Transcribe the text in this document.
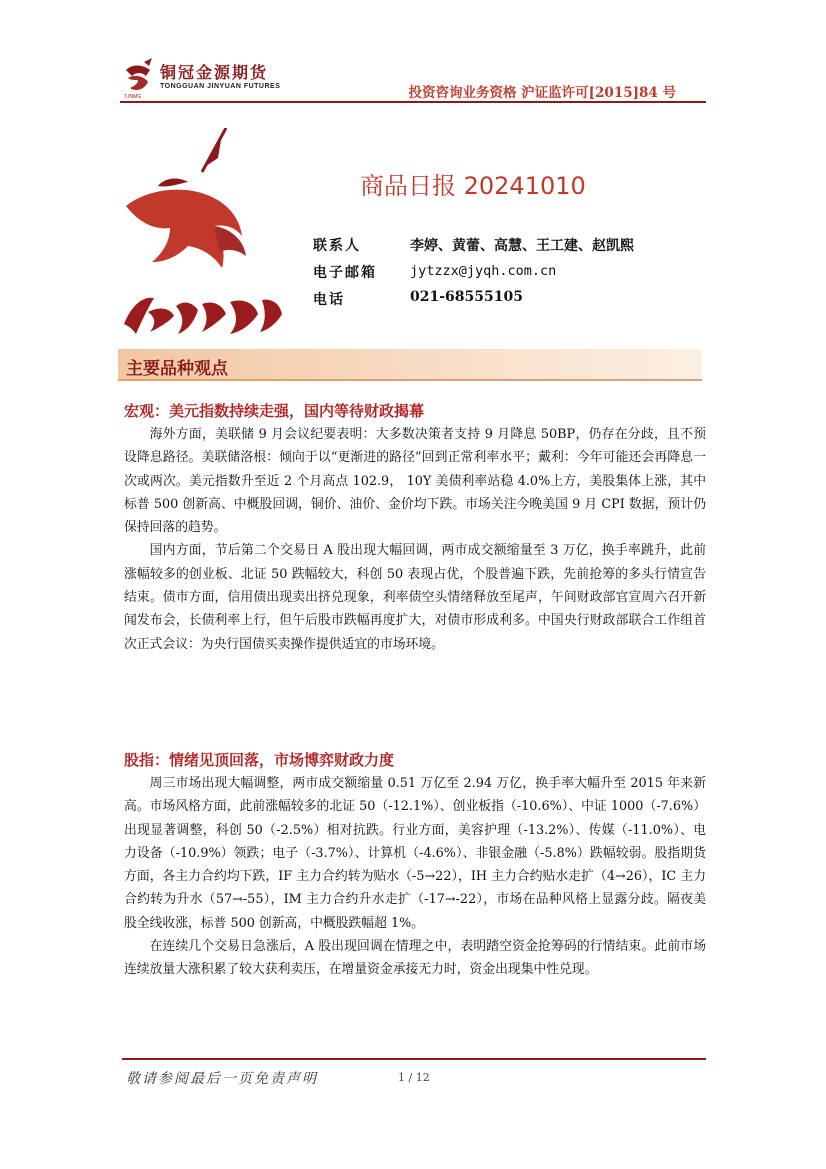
铜冠金源期货
TONGGUAN JINYUAN FUTURES
TJNMG	投资咨询业务资格 沪证监许可[2015]84 号
商品日报 20241010
联系人	李婷、黄蕾、高慧、王工建、赵凯熙
电子邮箱 jytzzx@jyqh.com.cn
电话	021-68555105
主要品种观点
宏观：美元指数持续走强，国内等待财政揭幕

海外方面，美联储 9 月会议纪要表明：大多数决策者支持 9 月降息 50BP，仍存在分歧，且不预设降息路径。美联储洛根：倾向于以“更渐进的路径”回到正常利率水平；戴利：今年可能还会再降息一次或两次。美元指数升至近 2 个月高点 102.9， 10Y 美债利率站稳 4.0%上方，美股集体上涨，其中标普 500 创新高、中概股回调，铜价、油价、金价均下跌。市场关注今晚美国 9 月 CPI 数据，预计仍保持回落的趋势。

国内方面，节后第二个交易日 A 股出现大幅回调，两市成交额缩量至 3 万亿，换手率跳升，此前涨幅较多的创业板、北证 50 跌幅较大，科创 50 表现占优，个股普遍下跌，先前抢筹的多头行情宣告结束。债市方面，信用债出现卖出挤兑现象，利率债空头情绪释放至尾声，午间财政部官宣周六召开新闻发布会，长债利率上行，但午后股市跌幅再度扩大，对债市形成利多。中国央行财政部联合工作组首次正式会议：为央行国债买卖操作提供适宜的市场环境。

股指：情绪见顶回落，市场博弈财政力度

周三市场出现大幅调整，两市成交额缩量 0.51 万亿至 2.94 万亿，换手率大幅升至 2015 年来新高。市场风格方面，此前涨幅较多的北证 50（-12.1%）、创业板指（-10.6%）、中证 1000（-7.6%）出现显著调整，科创 50（-2.5%）相对抗跌。行业方面，美容护理（-13.2%）、传媒（-11.0%）、电力设备（-10.9%）领跌；电子（-3.7%）、计算机（-4.6%）、非银金融（-5.8%）跌幅较弱。股指期货方面，各主力合约均下跌，IF 主力合约转为贴水（-5→22），IH 主力合约贴水走扩（4→26），IC 主力合约转为升水（57→-55），IM 主力合约升水走扩（-17→-22），市场在品种风格上显露分歧。隔夜美股全线收涨，标普 500 创新高，中概股跌幅超 1%。

在连续几个交易日急涨后，A 股出现回调在情理之中，表明踏空资金抢筹码的行情结束。此前市场连续放量大涨积累了较大获利卖压，在增量资金承接无力时，资金出现集中性兑现。

敬请参阅最后一页免责声明	1 / 12
